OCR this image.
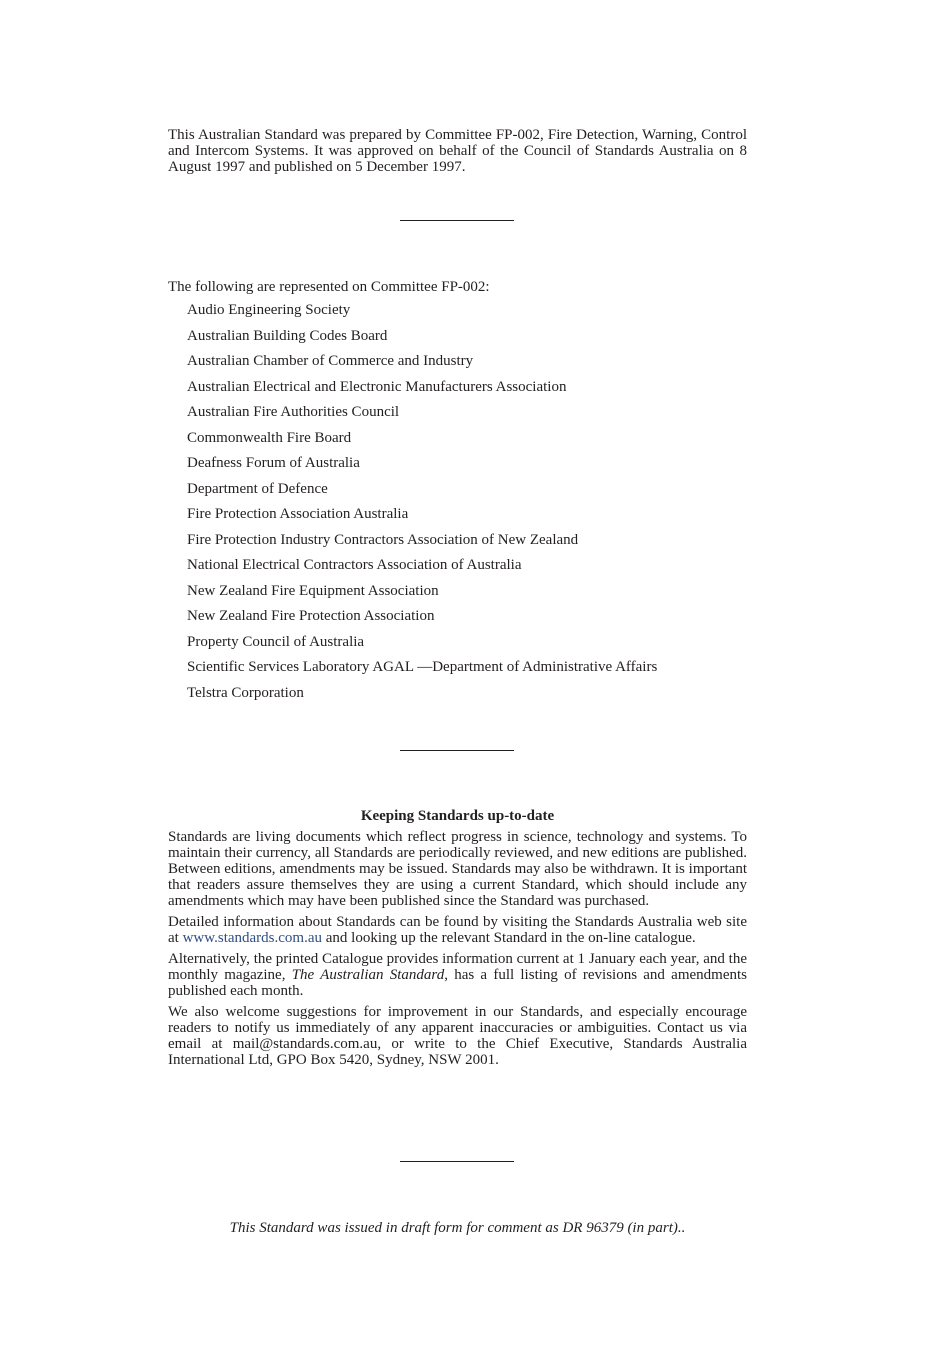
This Australian Standard was prepared by Committee FP-002, Fire Detection, Warning, Control and Intercom Systems. It was approved on behalf of the Council of Standards Australia on 8 August 1997 and published on 5 December 1997.

The following are represented on Committee FP-002:

Audio Engineering Society
Australian Building Codes Board
Australian Chamber of Commerce and Industry
Australian Electrical and Electronic Manufacturers Association
Australian Fire Authorities Council
Commonwealth Fire Board
Deafness Forum of Australia
Department of Defence
Fire Protection Association Australia
Fire Protection Industry Contractors Association of New Zealand
National Electrical Contractors Association of Australia
New Zealand Fire Equipment Association
New Zealand Fire Protection Association
Property Council of Australia
Scientific Services Laboratory AGAL —Department of Administrative Affairs
Telstra Corporation

Keeping Standards up-to-date

Standards are living documents which reflect progress in science, technology and systems. To maintain their currency, all Standards are periodically reviewed, and new editions are published. Between editions, amendments may be issued. Standards may also be withdrawn. It is important that readers assure themselves they are using a current Standard, which should include any amendments which may have been published since the Standard was purchased.

Detailed information about Standards can be found by visiting the Standards Australia web site at www.standards.com.au and looking up the relevant Standard in the on-line catalogue.

Alternatively, the printed Catalogue provides information current at 1 January each year, and the monthly magazine, The Australian Standard, has a full listing of revisions and amendments published each month.

We also welcome suggestions for improvement in our Standards, and especially encourage readers to notify us immediately of any apparent inaccuracies or ambiguities. Contact us via email at mail@standards.com.au, or write to the Chief Executive, Standards Australia International Ltd, GPO Box 5420, Sydney, NSW 2001.

This Standard was issued in draft form for comment as DR 96379 (in part)..
